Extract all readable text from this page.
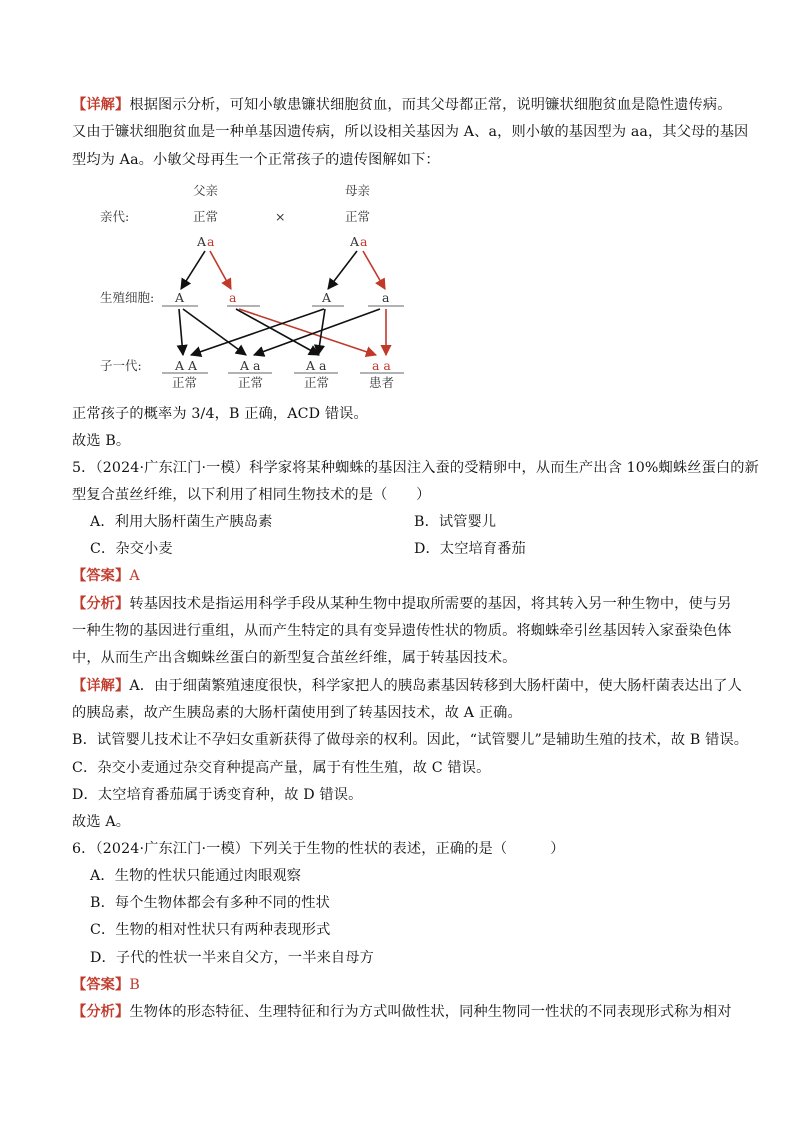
【详解】根据图示分析，可知小敏患镰状细胞贫血，而其父母都正常，说明镰状细胞贫血是隐性遗传病。
又由于镰状细胞贫血是一种单基因遗传病，所以设相关基因为 A、a，则小敏的基因型为 aa，其父母的基因
型均为 Aa。小敏父母再生一个正常孩子的遗传图解如下：
父亲	母亲
亲代:	正常	×	正常
A a	A a
生殖细胞: A	a	A	a
子一代:	A A	A a	A a	a a
正常	正常	正常	患者
正常孩子的概率为 3/4，B 正确，ACD 错误。
故选 B。
5．（2024·广东江门·一模）科学家将某种蜘蛛的基因注入蚕的受精卵中，从而生产出含 10%蜘蛛丝蛋白的新
型复合茧丝纤维，以下利用了相同生物技术的是（　　）
A．利用大肠杆菌生产胰岛素	B．试管婴儿
C．杂交小麦	D．太空培育番茄
【答案】A
【分析】转基因技术是指运用科学手段从某种生物中提取所需要的基因，将其转入另一种生物中，使与另
一种生物的基因进行重组，从而产生特定的具有变异遗传性状的物质。将蜘蛛牵引丝基因转入家蚕染色体
中，从而生产出含蜘蛛丝蛋白的新型复合茧丝纤维，属于转基因技术。
【详解】A．由于细菌繁殖速度很快，科学家把人的胰岛素基因转移到大肠杆菌中，使大肠杆菌表达出了人
的胰岛素，故产生胰岛素的大肠杆菌使用到了转基因技术，故 A 正确。
B．试管婴儿技术让不孕妇女重新获得了做母亲的权利。因此，“试管婴儿”是辅助生殖的技术，故 B 错误。
C．杂交小麦通过杂交育种提高产量，属于有性生殖，故 C 错误。
D．太空培育番茄属于诱变育种，故 D 错误。
故选 A。
6．（2024·广东江门·一模）下列关于生物的性状的表述，正确的是（　　　）
A．生物的性状只能通过肉眼观察
B．每个生物体都会有多种不同的性状
C．生物的相对性状只有两种表现形式
D．子代的性状一半来自父方，一半来自母方
【答案】B
【分析】生物体的形态特征、生理特征和行为方式叫做性状，同种生物同一性状的不同表现形式称为相对
